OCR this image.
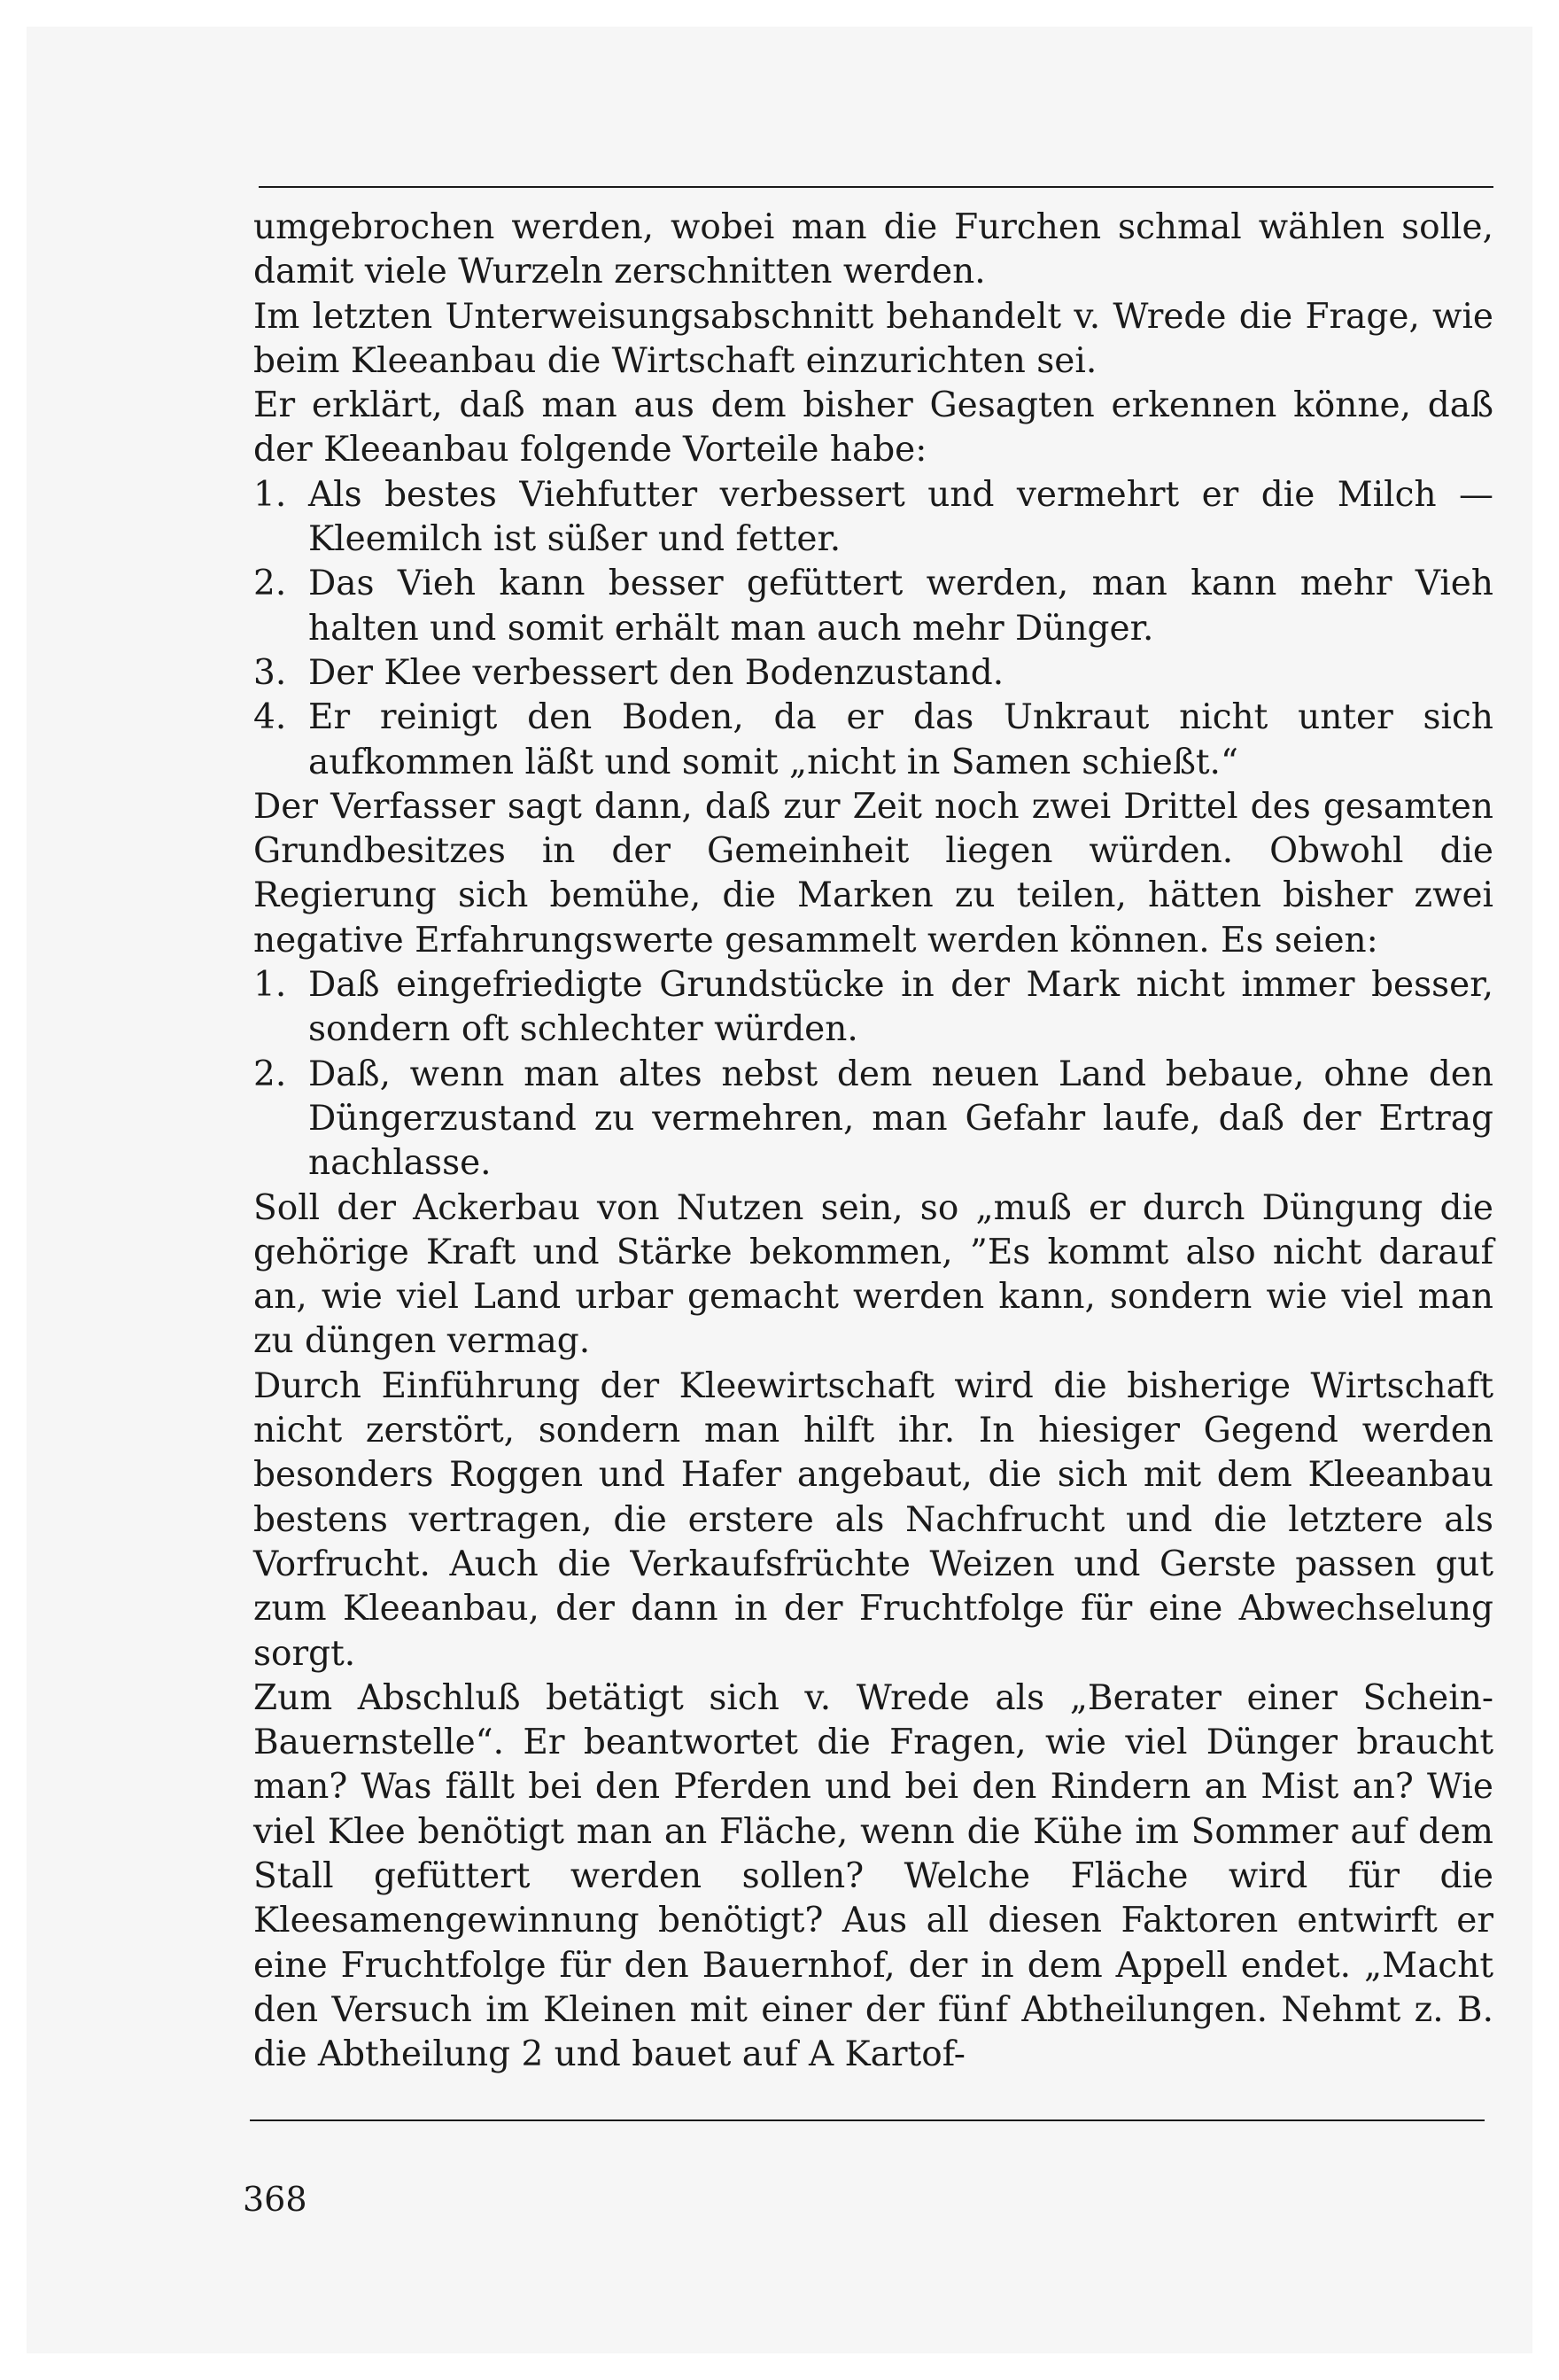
umgebrochen werden, wobei man die Furchen schmal wählen solle, damit viele Wurzeln zerschnitten werden.

Im letzten Unterweisungsabschnitt behandelt v. Wrede die Frage, wie beim Kleeanbau die Wirtschaft einzurichten sei.

Er erklärt, daß man aus dem bisher Gesagten erkennen könne, daß der Kleeanbau folgende Vorteile habe:

1. Als bestes Viehfutter verbessert und vermehrt er die Milch — Kleemilch ist süßer und fetter.
2. Das Vieh kann besser gefüttert werden, man kann mehr Vieh halten und somit erhält man auch mehr Dünger.
3. Der Klee verbessert den Bodenzustand.
4. Er reinigt den Boden, da er das Unkraut nicht unter sich aufkommen läßt und somit „nicht in Samen schießt.“

Der Verfasser sagt dann, daß zur Zeit noch zwei Drittel des gesamten Grundbesitzes in der Gemeinheit liegen würden. Obwohl die Regierung sich bemühe, die Marken zu teilen, hätten bisher zwei negative Erfahrungswerte gesammelt werden können. Es seien:

1. Daß eingefriedigte Grundstücke in der Mark nicht immer besser, sondern oft schlechter würden.
2. Daß, wenn man altes nebst dem neuen Land bebaue, ohne den Düngerzustand zu vermehren, man Gefahr laufe, daß der Ertrag nachlasse.

Soll der Ackerbau von Nutzen sein, so „muß er durch Düngung die gehörige Kraft und Stärke bekommen, ”Es kommt also nicht darauf an, wie viel Land urbar gemacht werden kann, sondern wie viel man zu düngen vermag.

Durch Einführung der Kleewirtschaft wird die bisherige Wirtschaft nicht zerstört, sondern man hilft ihr. In hiesiger Gegend werden besonders Roggen und Hafer angebaut, die sich mit dem Kleeanbau bestens vertragen, die erstere als Nachfrucht und die letztere als Vorfrucht. Auch die Verkaufsfrüchte Weizen und Gerste passen gut zum Kleeanbau, der dann in der Fruchtfolge für eine Abwechselung sorgt.

Zum Abschluß betätigt sich v. Wrede als „Berater einer Schein-Bauernstelle“. Er beantwortet die Fragen, wie viel Dünger braucht man? Was fällt bei den Pferden und bei den Rindern an Mist an? Wie viel Klee benötigt man an Fläche, wenn die Kühe im Sommer auf dem Stall gefüttert werden sollen? Welche Fläche wird für die Kleesamengewinnung benötigt? Aus all diesen Faktoren entwirft er eine Fruchtfolge für den Bauernhof, der in dem Appell endet. „Macht den Versuch im Kleinen mit einer der fünf Abtheilungen. Nehmt z. B. die Abtheilung 2 und bauet auf A Kartof-

368
